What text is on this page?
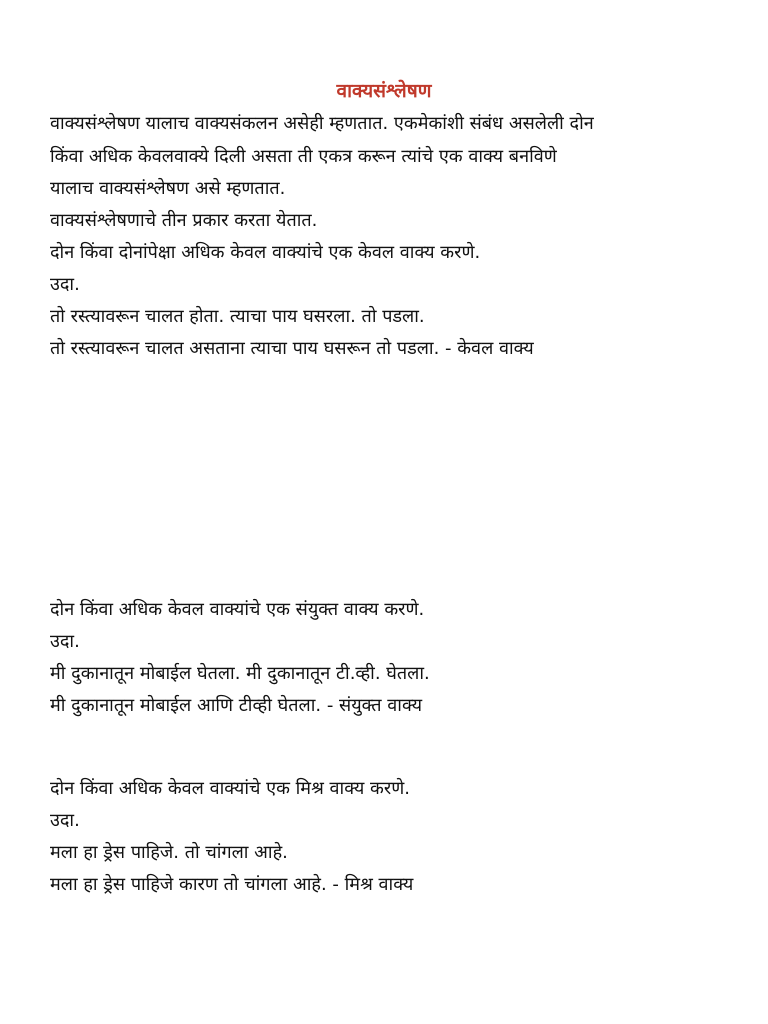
वाक्यसंश्लेषण
वाक्यसंश्लेषण यालाच वाक्यसंकलन असेही म्हणतात. एकमेकांशी संबंध असलेली दोन
किंवा अधिक केवलवाक्ये दिली असता ती एकत्र करून त्यांचे एक वाक्य बनविणे
यालाच वाक्यसंश्लेषण असे म्हणतात.
वाक्यसंश्लेषणाचे तीन प्रकार करता येतात.
दोन किंवा दोनांपेक्षा अधिक केवल वाक्यांचे एक केवल वाक्य करणे.
उदा.
तो रस्त्यावरून चालत होता. त्याचा पाय घसरला. तो पडला.
तो रस्त्यावरून चालत असताना त्याचा पाय घसरून तो पडला. - केवल वाक्य
दोन किंवा अधिक केवल वाक्यांचे एक संयुक्त वाक्य करणे.
उदा.
मी दुकानातून मोबाईल घेतला. मी दुकानातून टी.व्ही. घेतला.
मी दुकानातून मोबाईल आणि टीव्ही घेतला. - संयुक्त वाक्य
दोन किंवा अधिक केवल वाक्यांचे एक मिश्र वाक्य करणे.
उदा.
मला हा ड्रेस पाहिजे. तो चांगला आहे.
मला हा ड्रेस पाहिजे कारण तो चांगला आहे. - मिश्र वाक्य
